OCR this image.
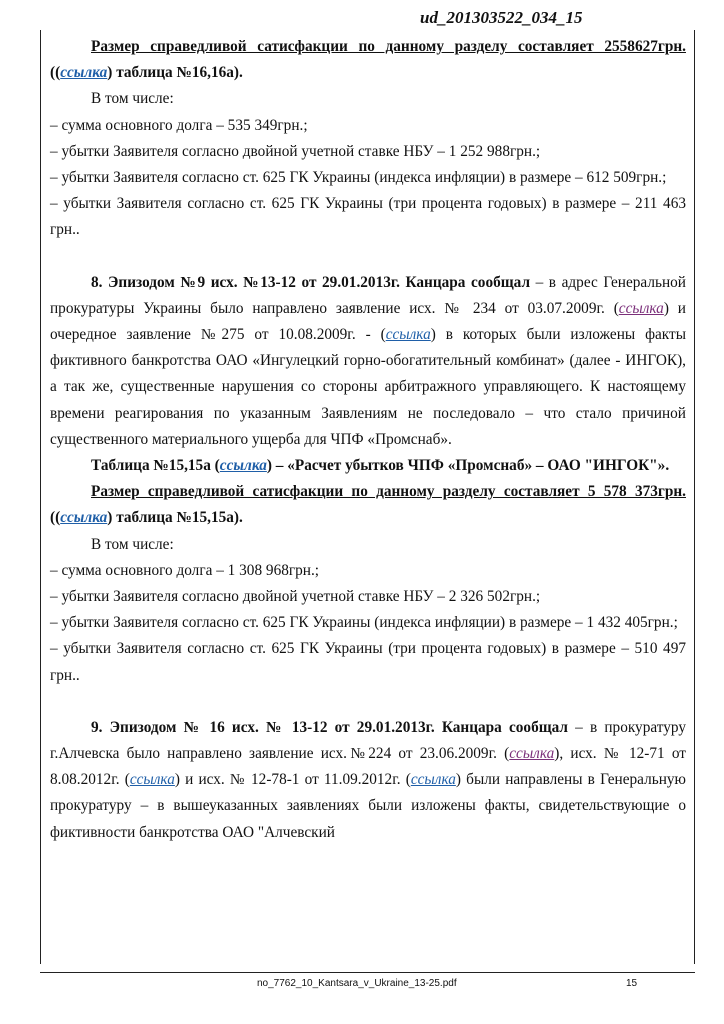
ud_201303522_034_15

Размер справедливой сатисфакции по данному разделу составляет 2558627грн. ((ссылка) таблица №16,16а).

В том числе:

– сумма основного долга – 535 349грн.;

– убытки Заявителя согласно двойной учетной ставке НБУ – 1 252 988грн.;

– убытки Заявителя согласно ст. 625 ГК Украины (индекса инфляции) в размере – 612 509грн.;

– убытки Заявителя согласно ст. 625 ГК Украины (три процента годовых) в размере – 211 463 грн..

8. Эпизодом №9 исх. №13-12 от 29.01.2013г. Канцара сообщал – в адрес Генеральной прокуратуры Украины было направлено заявление исх. № 234 от 03.07.2009г. (ссылка) и очередное заявление №275 от 10.08.2009г. - (ссылка) в которых были изложены факты фиктивного банкротства ОАО «Ингулецкий горно-обогатительный комбинат» (далее - ИНГОК), а так же, существенные нарушения со стороны арбитражного управляющего. К настоящему времени реагирования по указанным Заявлениям не последовало – что стало причиной существенного материального ущерба для ЧПФ «Промснаб».

Таблица №15,15а (ссылка) – «Расчет убытков ЧПФ «Промснаб» – ОАО "ИНГОК"».

Размер справедливой сатисфакции по данному разделу составляет 5 578 373грн. ((ссылка) таблица №15,15а).

В том числе:

– сумма основного долга – 1 308 968грн.;

– убытки Заявителя согласно двойной учетной ставке НБУ – 2 326 502грн.;

– убытки Заявителя согласно ст. 625 ГК Украины (индекса инфляции) в размере – 1 432 405грн.;

– убытки Заявителя согласно ст. 625 ГК Украины (три процента годовых) в размере – 510 497 грн..

9. Эпизодом № 16 исх. № 13-12 от 29.01.2013г. Канцара сообщал – в прокуратуру г.Алчевска было направлено заявление исх.№224 от 23.06.2009г. (ссылка), исх. № 12-71 от 8.08.2012г. (ссылка) и исх. № 12-78-1 от 11.09.2012г. (ссылка) были направлены в Генеральную прокуратуру – в вышеуказанных заявлениях были изложены факты, свидетельствующие о фиктивности банкротства ОАО "Алчевский

no_7762_10_Kantsara_v_Ukraine_13-25.pdf	15
